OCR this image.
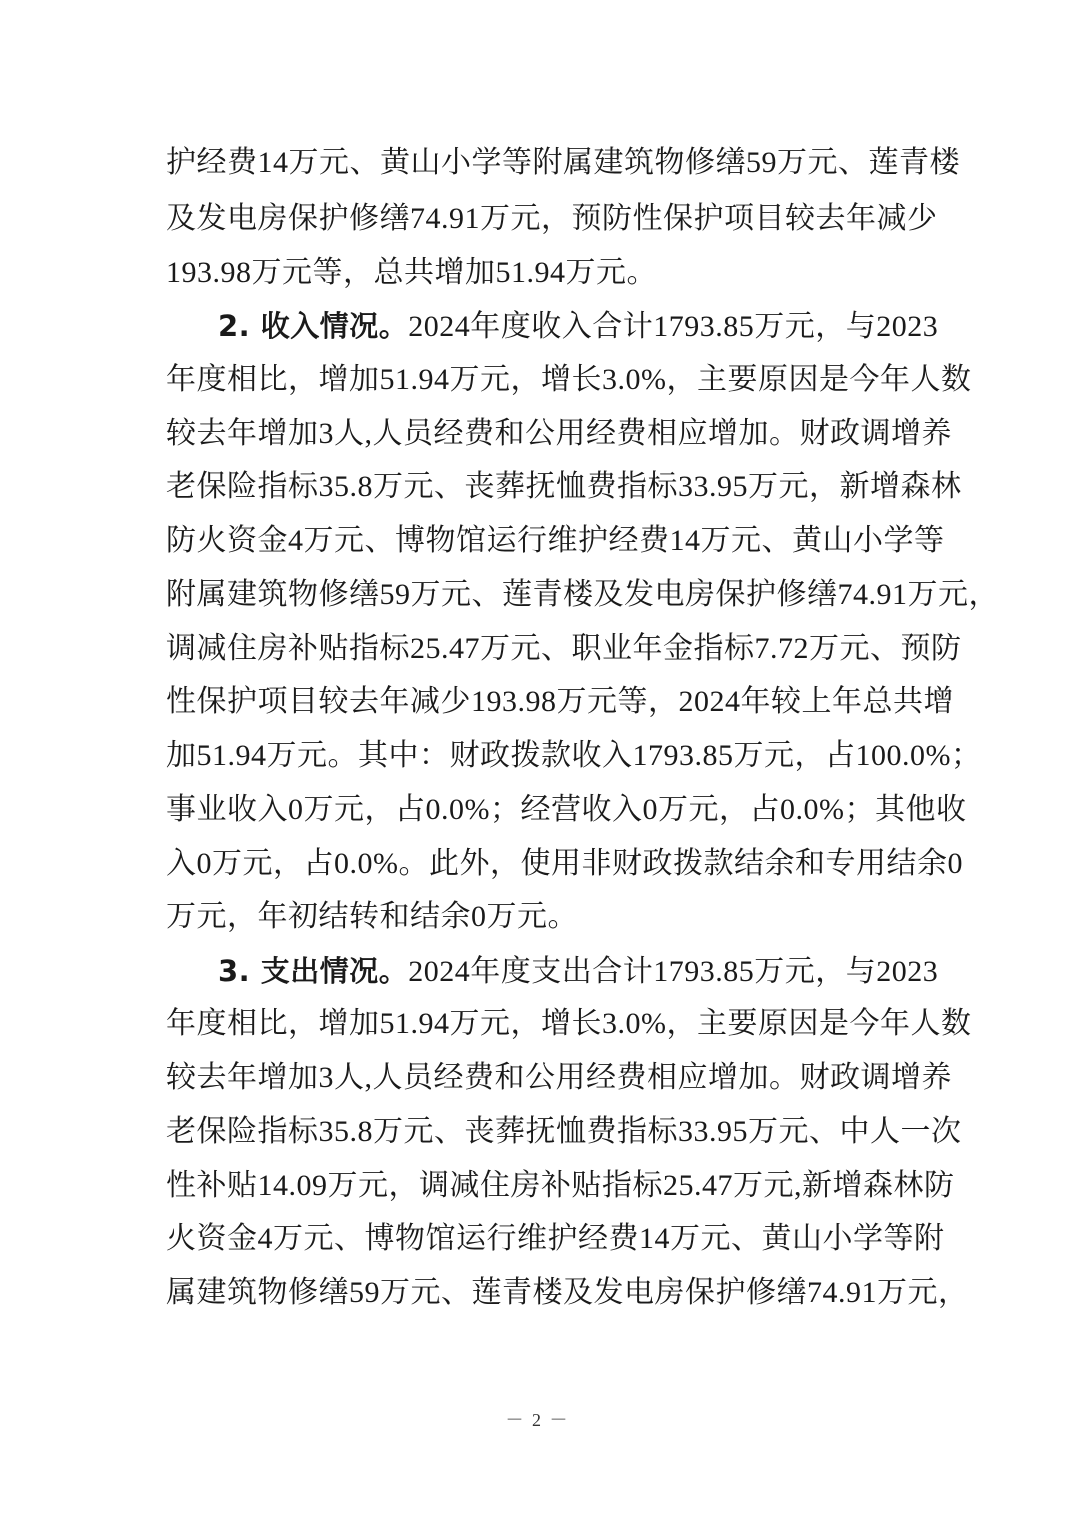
护经费14万元、黄山小学等附属建筑物修缮59万元、莲青楼

及发电房保护修缮74.91万元，预防性保护项目较去年减少

193.98万元等，总共增加51.94万元。

2. 收入情况。2024年度收入合计1793.85万元，与2023

年度相比，增加51.94万元，增长3.0%，主要原因是今年人数

较去年增加3人,人员经费和公用经费相应增加。财政调增养

老保险指标35.8万元、丧葬抚恤费指标33.95万元，新增森林

防火资金4万元、博物馆运行维护经费14万元、黄山小学等

附属建筑物修缮59万元、莲青楼及发电房保护修缮74.91万元，

调减住房补贴指标25.47万元、职业年金指标7.72万元、预防

性保护项目较去年减少193.98万元等，2024年较上年总共增

加51.94万元。其中：财政拨款收入1793.85万元，占100.0%；

事业收入0万元，占0.0%；经营收入0万元，占0.0%；其他收

入0万元，占0.0%。此外，使用非财政拨款结余和专用结余0

万元，年初结转和结余0万元。

3. 支出情况。2024年度支出合计1793.85万元，与2023

年度相比，增加51.94万元，增长3.0%，主要原因是今年人数

较去年增加3人,人员经费和公用经费相应增加。财政调增养

老保险指标35.8万元、丧葬抚恤费指标33.95万元、中人一次

性补贴14.09万元，调减住房补贴指标25.47万元,新增森林防

火资金4万元、博物馆运行维护经费14万元、黄山小学等附

属建筑物修缮59万元、莲青楼及发电房保护修缮74.91万元，

－ 2 －
